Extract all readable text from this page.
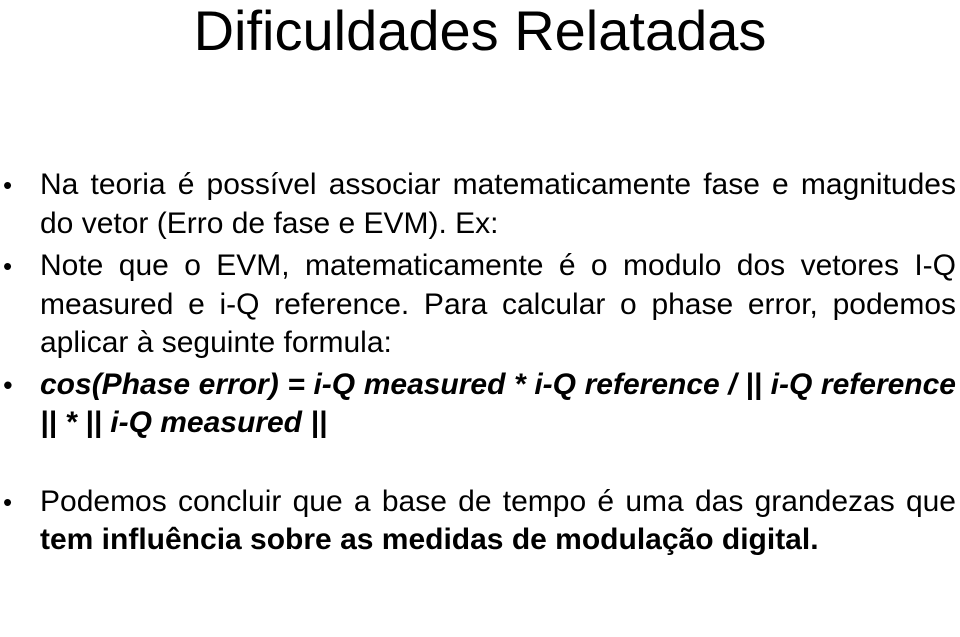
Dificuldades Relatadas
• Na teoria é possível associar matematicamente fase e magnitudes do vetor (Erro de fase e EVM). Ex:
• Note que o EVM, matematicamente é o modulo dos vetores I-Q measured e i-Q reference. Para calcular o phase error, podemos aplicar à seguinte formula:
• cos(Phase error) = i-Q measured * i-Q reference / || i-Q reference || * || i-Q measured ||
• Podemos concluir que a base de tempo é uma das grandezas que tem influência sobre as medidas de modulação digital.
